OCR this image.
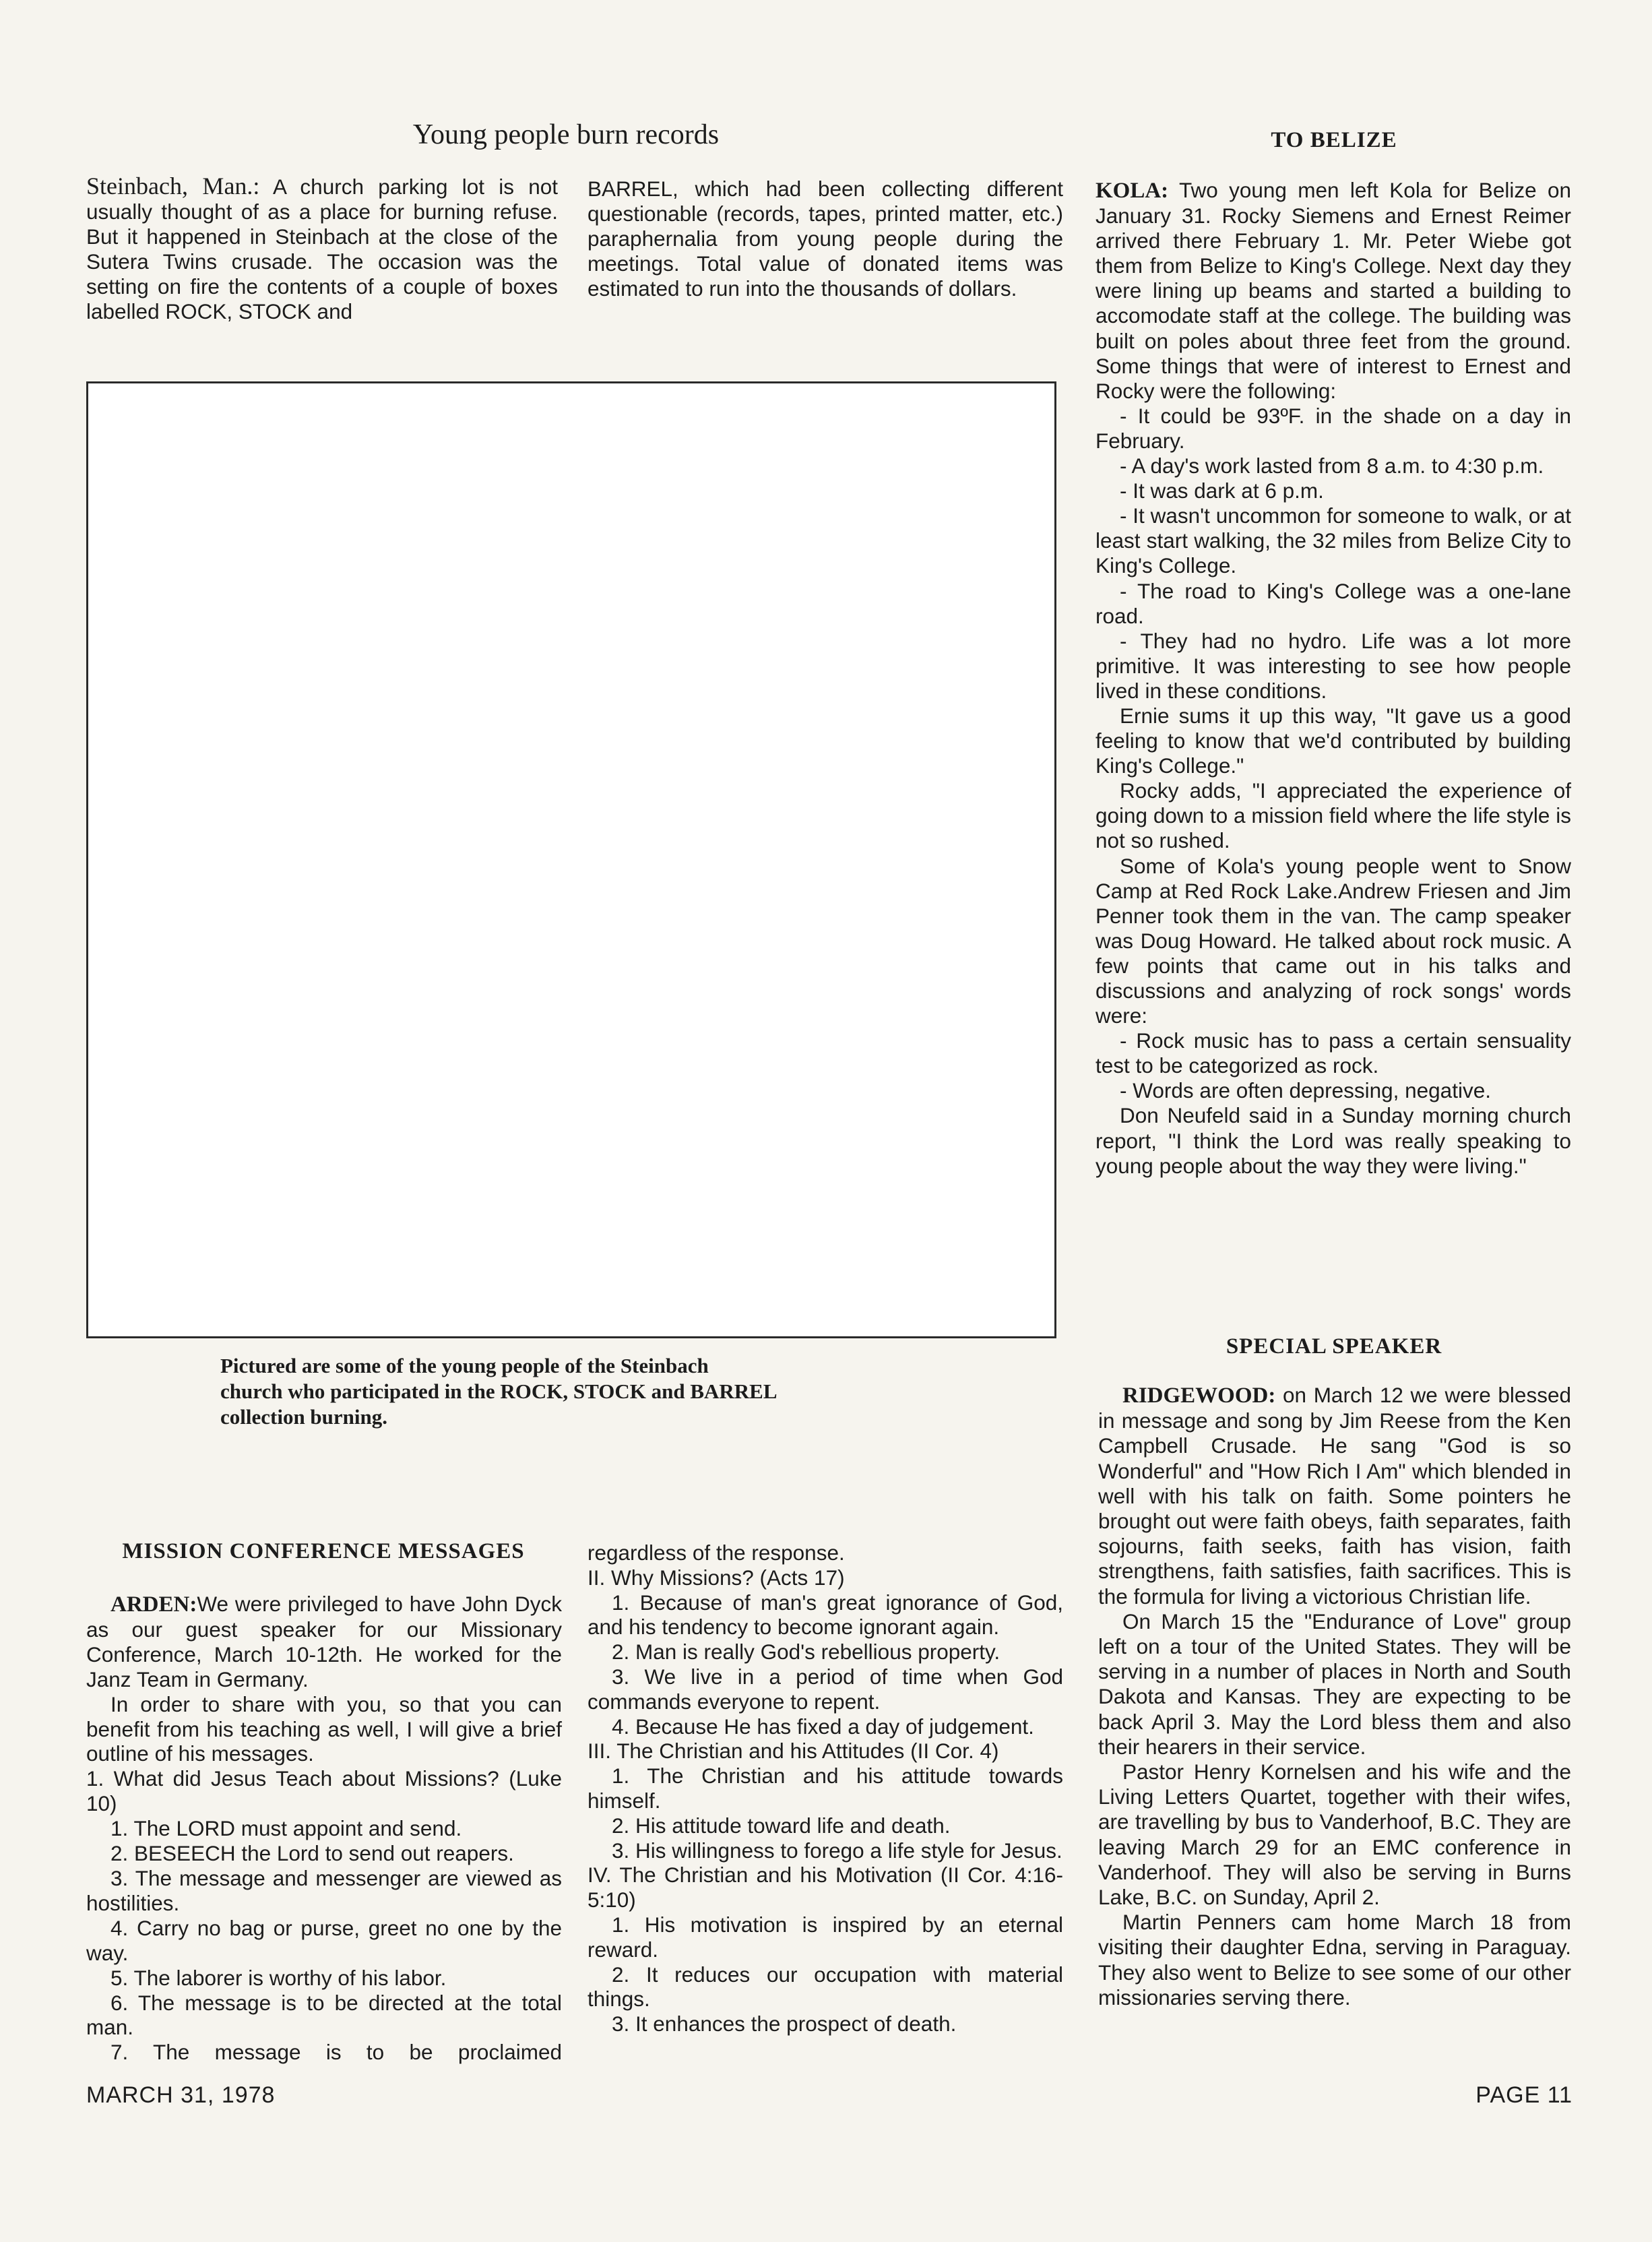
Young people burn records

Steinbach, Man.: A church parking lot is not usually thought of as a place for burning refuse. But it happened in Steinbach at the close of the Sutera Twins crusade. The occasion was the setting on fire the contents of a couple of boxes labelled ROCK, STOCK and

BARREL, which had been collecting different questionable (records, tapes, printed matter, etc.) paraphernalia from young people during the meetings. Total value of donated items was estimated to run into the thousands of dollars.

Pictured are some of the young people of the Steinbach
church who participated in the ROCK, STOCK and BARREL
collection burning.
TO BELIZE

KOLA: Two young men left Kola for Belize on January 31. Rocky Siemens and Ernest Reimer arrived there February 1. Mr. Peter Wiebe got them from Belize to King's College. Next day they were lining up beams and started a building to accomodate staff at the college. The building was built on poles about three feet from the ground. Some things that were of interest to Ernest and Rocky were the following:

- It could be 93ºF. in the shade on a day in February.

- A day's work lasted from 8 a.m. to 4:30 p.m.

- It was dark at 6 p.m.

- It wasn't uncommon for someone to walk, or at least start walking, the 32 miles from Belize City to King's College.

- The road to King's College was a one-lane road.

- They had no hydro. Life was a lot more primitive. It was interesting to see how people lived in these conditions.

Ernie sums it up this way, "It gave us a good feeling to know that we'd contributed by building King's College."

Rocky adds, "I appreciated the experience of going down to a mission field where the life style is not so rushed.

Some of Kola's young people went to Snow Camp at Red Rock Lake.Andrew Friesen and Jim Penner took them in the van. The camp speaker was Doug Howard. He talked about rock music. A few points that came out in his talks and discussions and analyzing of rock songs' words were:

- Rock music has to pass a certain sensuality test to be categorized as rock.

- Words are often depressing, negative.

Don Neufeld said in a Sunday morning church report, "I think the Lord was really speaking to young people about the way they were living."

SPECIAL SPEAKER

RIDGEWOOD: on March 12 we were blessed in message and song by Jim Reese from the Ken Campbell Crusade. He sang "God is so Wonderful" and "How Rich I Am" which blended in well with his talk on faith. Some pointers he brought out were faith obeys, faith separates, faith sojourns, faith seeks, faith has vision, faith strengthens, faith satisfies, faith sacrifices. This is the formula for living a victorious Christian life.

On March 15 the "Endurance of Love" group left on a tour of the United States. They will be serving in a number of places in North and South Dakota and Kansas. They are expecting to be back April 3. May the Lord bless them and also their hearers in their service.

Pastor Henry Kornelsen and his wife and the Living Letters Quartet, together with their wifes, are travelling by bus to Vanderhoof, B.C. They are leaving March 29 for an EMC conference in Vanderhoof. They will also be serving in Burns Lake, B.C. on Sunday, April 2.

Martin Penners cam home March 18 from visiting their daughter Edna, serving in Paraguay. They also went to Belize to see some of our other missionaries serving there.

MISSION CONFERENCE MESSAGES

ARDEN:We were privileged to have John Dyck as our guest speaker for our Missionary Conference, March 10-12th. He worked for the Janz Team in Germany.

In order to share with you, so that you can benefit from his teaching as well, I will give a brief outline of his messages.

1. What did Jesus Teach about Missions? (Luke 10)

1. The LORD must appoint and send.

2. BESEECH the Lord to send out reapers.

3. The message and messenger are viewed as hostilities.

4. Carry no bag or purse, greet no one by the way.

5. The laborer is worthy of his labor.

6. The message is to be directed at the total man.

7. The message is to be proclaimed

regardless of the response.

II. Why Missions? (Acts 17)

1. Because of man's great ignorance of God, and his tendency to become ignorant again.

2. Man is really God's rebellious property.

3. We live in a period of time when God commands everyone to repent.

4. Because He has fixed a day of judgement.

III. The Christian and his Attitudes (II Cor. 4)

1. The Christian and his attitude towards himself.

2. His attitude toward life and death.

3. His willingness to forego a life style for Jesus.

IV. The Christian and his Motivation (II Cor. 4:16-5:10)

1. His motivation is inspired by an eternal reward.

2. It reduces our occupation with material things.

3. It enhances the prospect of death.

MARCH 31, 1978	PAGE 11
